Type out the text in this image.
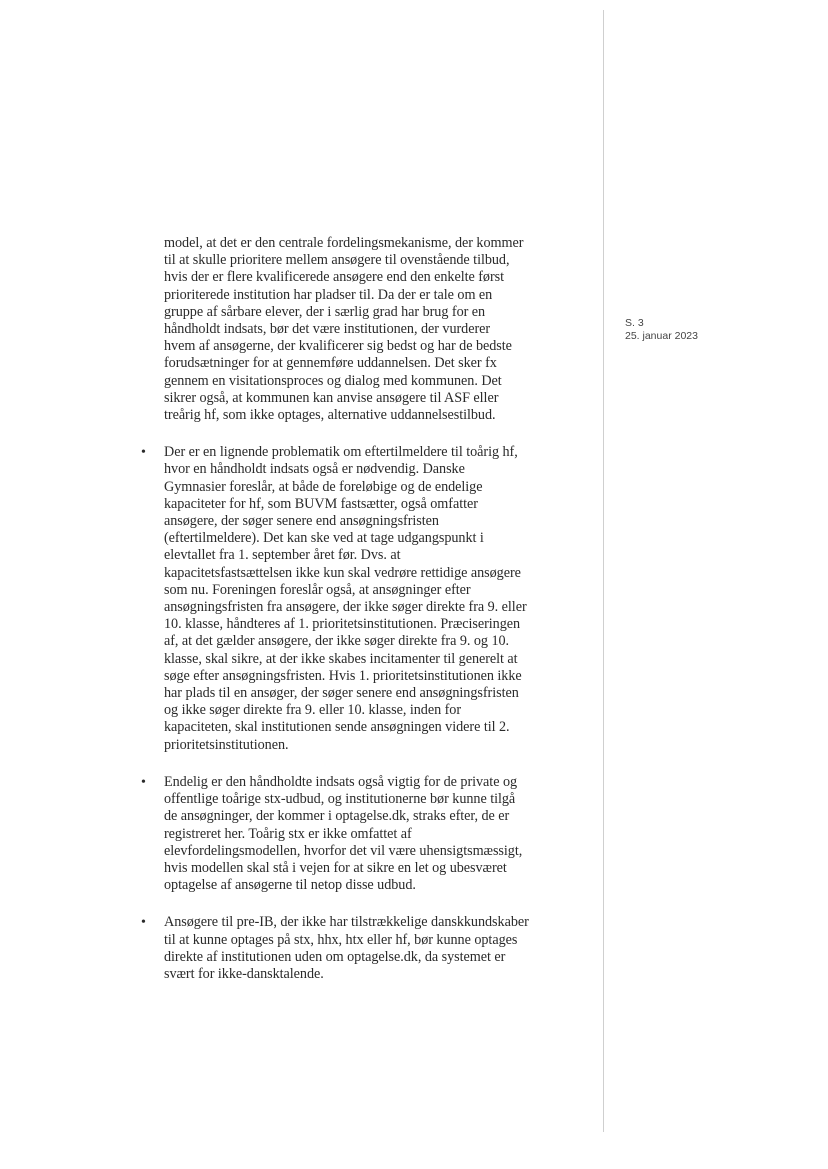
S. 3
25. januar 2023

model, at det er den centrale fordelingsmekanisme, der kommer
til at skulle prioritere mellem ansøgere til ovenstående tilbud,
hvis der er flere kvalificerede ansøgere end den enkelte først
prioriterede institution har pladser til. Da der er tale om en
gruppe af sårbare elever, der i særlig grad har brug for en
håndholdt indsats, bør det være institutionen, der vurderer
hvem af ansøgerne, der kvalificerer sig bedst og har de bedste
forudsætninger for at gennemføre uddannelsen. Det sker fx
gennem en visitationsproces og dialog med kommunen. Det
sikrer også, at kommunen kan anvise ansøgere til ASF eller
treårig hf, som ikke optages, alternative uddannelsestilbud.

• Der er en lignende problematik om eftertilmeldere til toårig hf,
hvor en håndholdt indsats også er nødvendig. Danske
Gymnasier foreslår, at både de foreløbige og de endelige
kapaciteter for hf, som BUVM fastsætter, også omfatter
ansøgere, der søger senere end ansøgningsfristen
(eftertilmeldere). Det kan ske ved at tage udgangspunkt i
elevtallet fra 1. september året før. Dvs. at
kapacitetsfastsættelsen ikke kun skal vedrøre rettidige ansøgere
som nu. Foreningen foreslår også, at ansøgninger efter
ansøgningsfristen fra ansøgere, der ikke søger direkte fra 9. eller
10. klasse, håndteres af 1. prioritetsinstitutionen. Præciseringen
af, at det gælder ansøgere, der ikke søger direkte fra 9. og 10.
klasse, skal sikre, at der ikke skabes incitamenter til generelt at
søge efter ansøgningsfristen. Hvis 1. prioritetsinstitutionen ikke
har plads til en ansøger, der søger senere end ansøgningsfristen
og ikke søger direkte fra 9. eller 10. klasse, inden for
kapaciteten, skal institutionen sende ansøgningen videre til 2.
prioritetsinstitutionen.
• Endelig er den håndholdte indsats også vigtig for de private og
offentlige toårige stx-udbud, og institutionerne bør kunne tilgå
de ansøgninger, der kommer i optagelse.dk, straks efter, de er
registreret her. Toårig stx er ikke omfattet af
elevfordelingsmodellen, hvorfor det vil være uhensigtsmæssigt,
hvis modellen skal stå i vejen for at sikre en let og ubesværet
optagelse af ansøgerne til netop disse udbud.
• Ansøgere til pre-IB, der ikke har tilstrækkelige danskkundskaber
til at kunne optages på stx, hhx, htx eller hf, bør kunne optages
direkte af institutionen uden om optagelse.dk, da systemet er
svært for ikke-dansktalende.
